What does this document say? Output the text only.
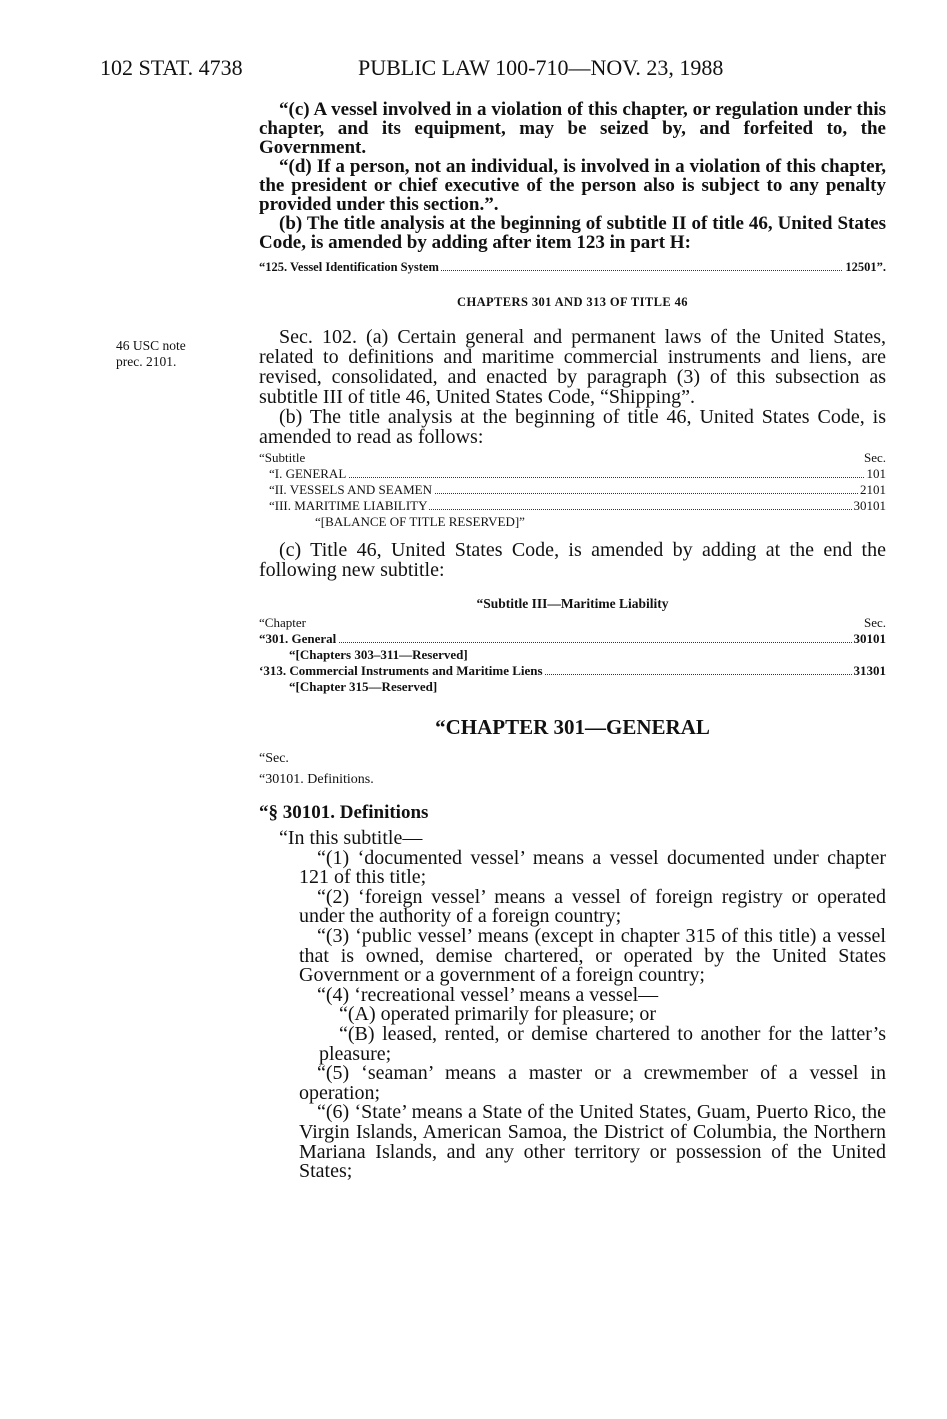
102 STAT. 4738	PUBLIC LAW 100-710—NOV. 23, 1988
46 USC note
prec. 2101.

“(c) A vessel involved in a violation of this chapter, or regulation under this chapter, and its equipment, may be seized by, and forfeited to, the Government.

“(d) If a person, not an individual, is involved in a violation of this chapter, the president or chief executive of the person also is subject to any penalty provided under this section.”.

(b) The title analysis at the beginning of subtitle II of title 46, United States Code, is amended by adding after item 123 in part H:

“125. Vessel Identification System	12501”.

CHAPTERS 301 AND 313 OF TITLE 46

Sec. 102. (a) Certain general and permanent laws of the United States, related to definitions and maritime commercial instruments and liens, are revised, consolidated, and enacted by paragraph (3) of this subsection as subtitle III of title 46, United States Code, “Shipping”.

(b) The title analysis at the beginning of title 46, United States Code, is amended to read as follows:

“Subtitle	Sec.
“I. GENERAL	101
“II. VESSELS AND SEAMEN	2101
“III. MARITIME LIABILITY	30101
“[BALANCE OF TITLE RESERVED]”

(c) Title 46, United States Code, is amended by adding at the end the following new subtitle:

“Subtitle III—Maritime Liability

“Chapter	Sec.
“301. General	30101
“[Chapters 303–311—Reserved]
‘313. Commercial Instruments and Maritime Liens	31301
“[Chapter 315—Reserved]

“CHAPTER 301—GENERAL

“Sec.

“30101. Definitions.

“§ 30101. Definitions

“In this subtitle—

“(1) ‘documented vessel’ means a vessel documented under chapter 121 of this title;

“(2) ‘foreign vessel’ means a vessel of foreign registry or operated under the authority of a foreign country;

“(3) ‘public vessel’ means (except in chapter 315 of this title) a vessel that is owned, demise chartered, or operated by the United States Government or a government of a foreign country;

“(4) ‘recreational vessel’ means a vessel—

“(A) operated primarily for pleasure; or

“(B) leased, rented, or demise chartered to another for the latter’s pleasure;

“(5) ‘seaman’ means a master or a crewmember of a vessel in operation;

“(6) ‘State’ means a State of the United States, Guam, Puerto Rico, the Virgin Islands, American Samoa, the District of Columbia, the Northern Mariana Islands, and any other territory or possession of the United States;
